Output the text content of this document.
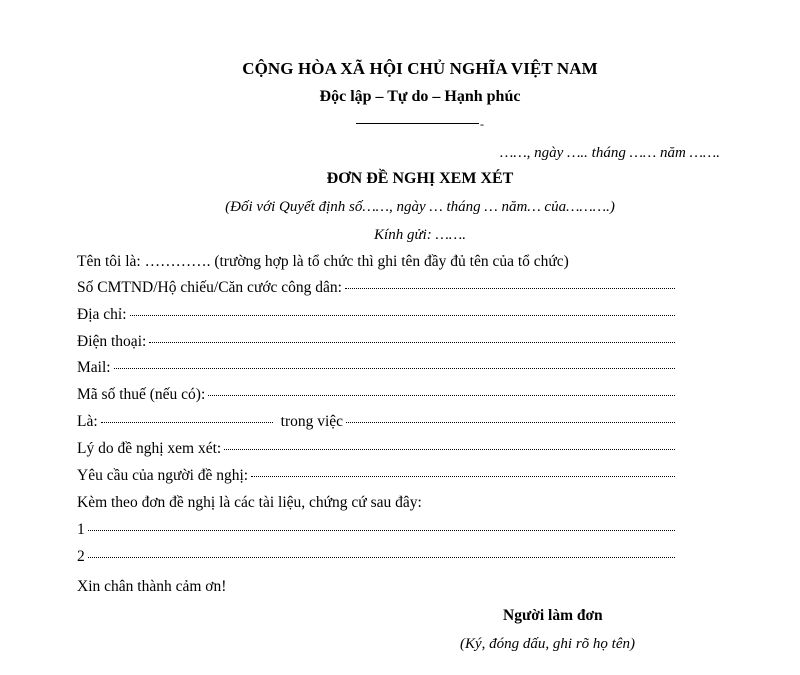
CỘNG HÒA XÃ HỘI CHỦ NGHĨA VIỆT NAM
Độc lập – Tự do – Hạnh phúc
-
……, ngày ….. tháng …… năm …….
ĐƠN ĐỀ NGHỊ XEM XÉT
(Đối với Quyết định số……, ngày … tháng … năm… của……….)
Kính gửi: …….
Tên tôi là: …………. (trường hợp là tổ chức thì ghi tên đầy đủ tên của tổ chức)
Số CMTND/Hộ chiếu/Căn cước công dân:
Địa chỉ:
Điện thoại:
Mail:
Mã số thuế (nếu có):
Là:	trong việc
Lý do đề nghị xem xét:
Yêu cầu của người đề nghị:
Kèm theo đơn đề nghị là các tài liệu, chứng cứ sau đây:
1
2
Xin chân thành cảm ơn!
Người làm đơn
(Ký, đóng dấu, ghi rõ họ tên)
